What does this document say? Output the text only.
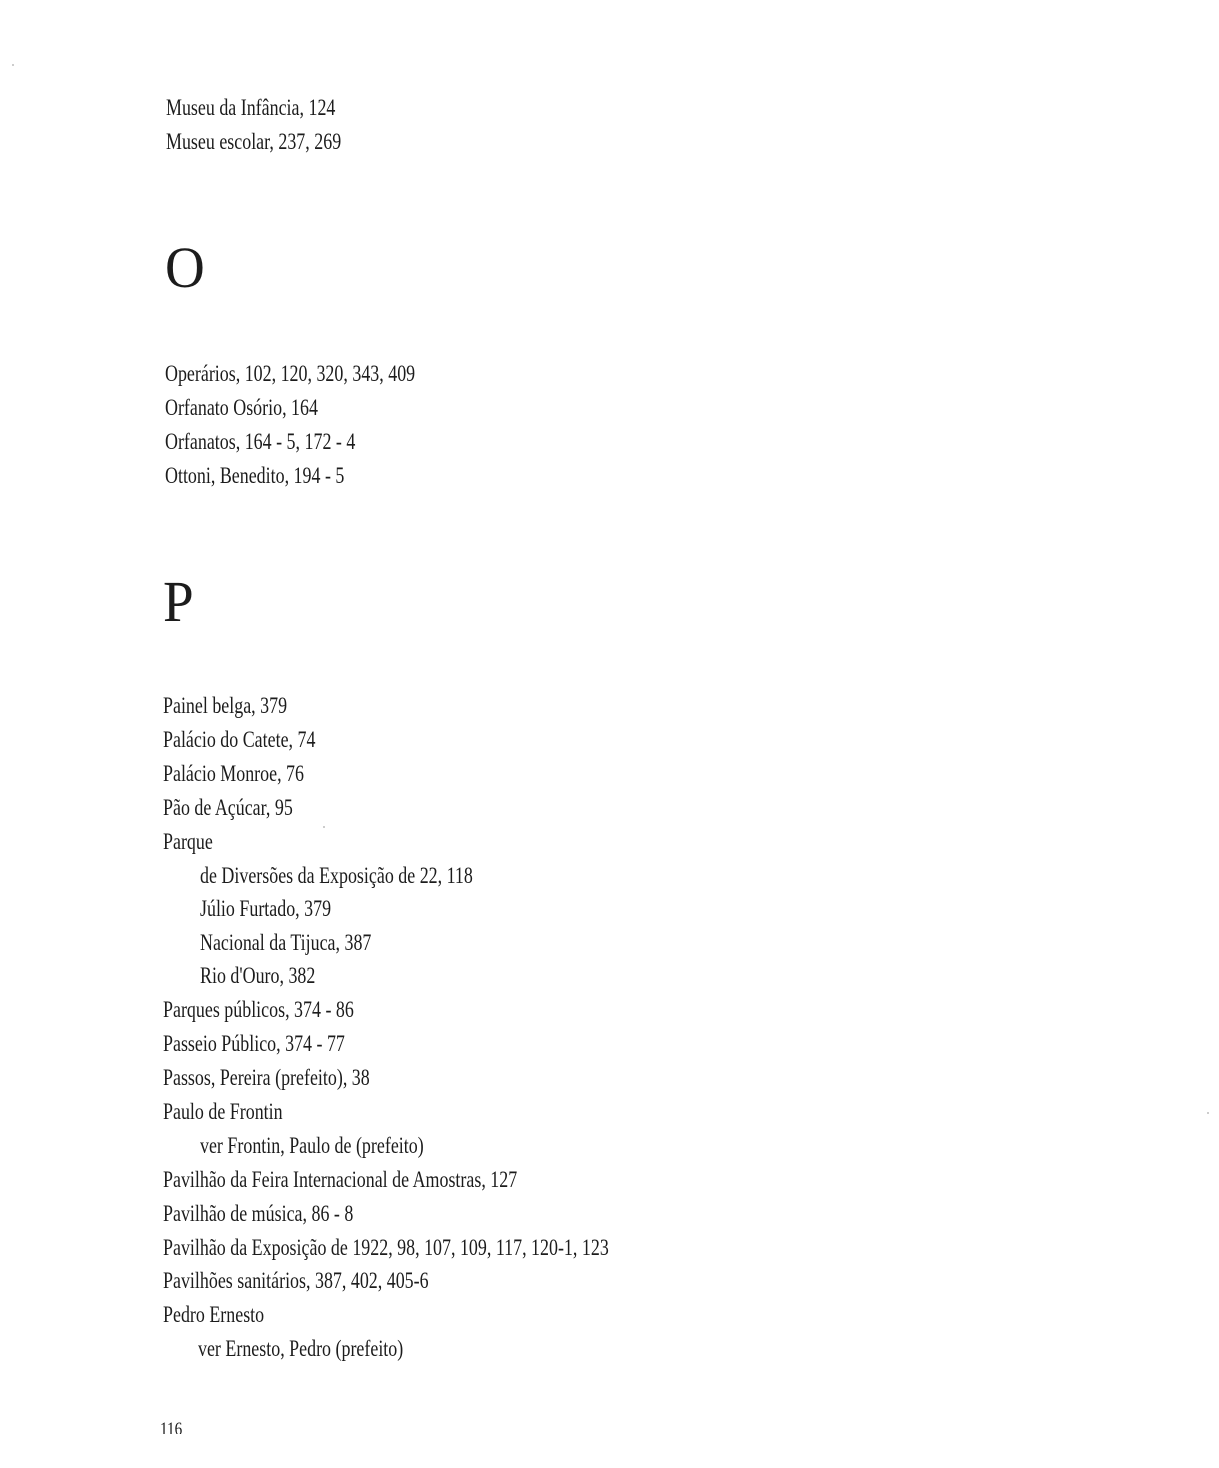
Museu da Infância, 124
Museu escolar, 237, 269
O
Operários, 102, 120, 320, 343, 409
Orfanato Osório, 164
Orfanatos, 164 - 5, 172 - 4
Ottoni, Benedito, 194 - 5
P
Painel belga, 379
Palácio do Catete, 74
Palácio Monroe, 76
Pão de Açúcar, 95
Parque
de Diversões da Exposição de 22, 118
Júlio Furtado, 379
Nacional da Tijuca, 387
Rio d'Ouro, 382
Parques públicos, 374 - 86
Passeio Público, 374 - 77
Passos, Pereira (prefeito), 38
Paulo de Frontin
ver Frontin, Paulo de (prefeito)
Pavilhão da Feira Internacional de Amostras, 127
Pavilhão de música, 86 - 8
Pavilhão da Exposição de 1922, 98, 107, 109, 117, 120-1, 123
Pavilhões sanitários, 387, 402, 405-6
Pedro Ernesto
ver Ernesto, Pedro (prefeito)
116
